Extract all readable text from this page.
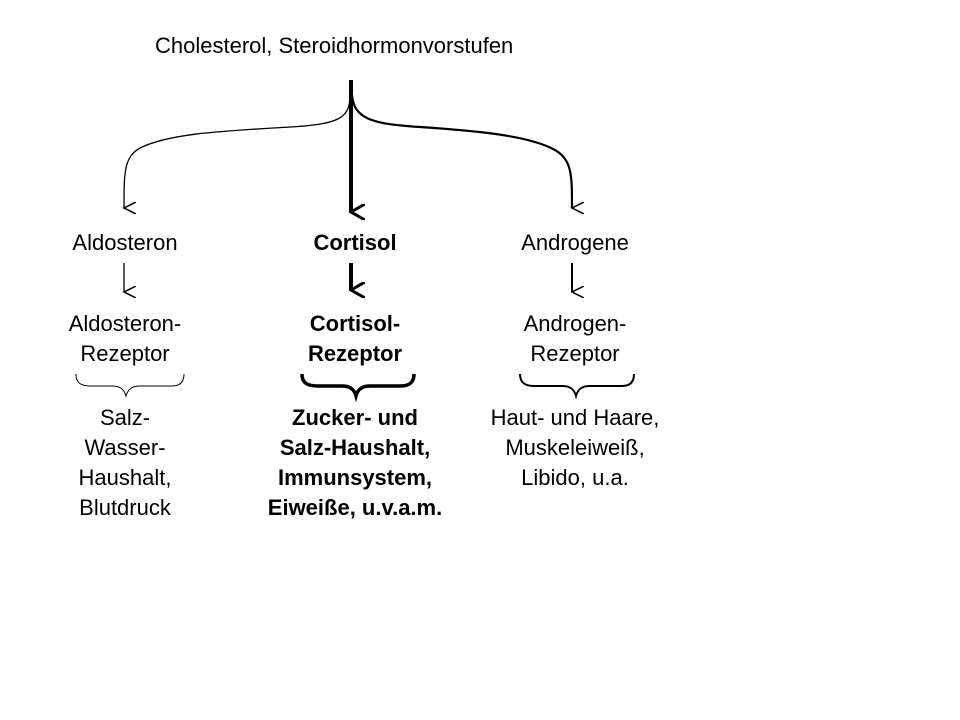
Cholesterol, Steroidhormonvorstufen
Aldosteron	Cortisol	Androgene
Aldosteron-
Rezeptor
Cortisol-
Rezeptor
Androgen-
Rezeptor
Salz-
Wasser-
Haushalt,
Blutdruck
Zucker- und
Salz-Haushalt,
Immunsystem,
Eiweiße, u.v.a.m.
Haut- und Haare,
Muskeleiweiß,
Libido, u.a.
